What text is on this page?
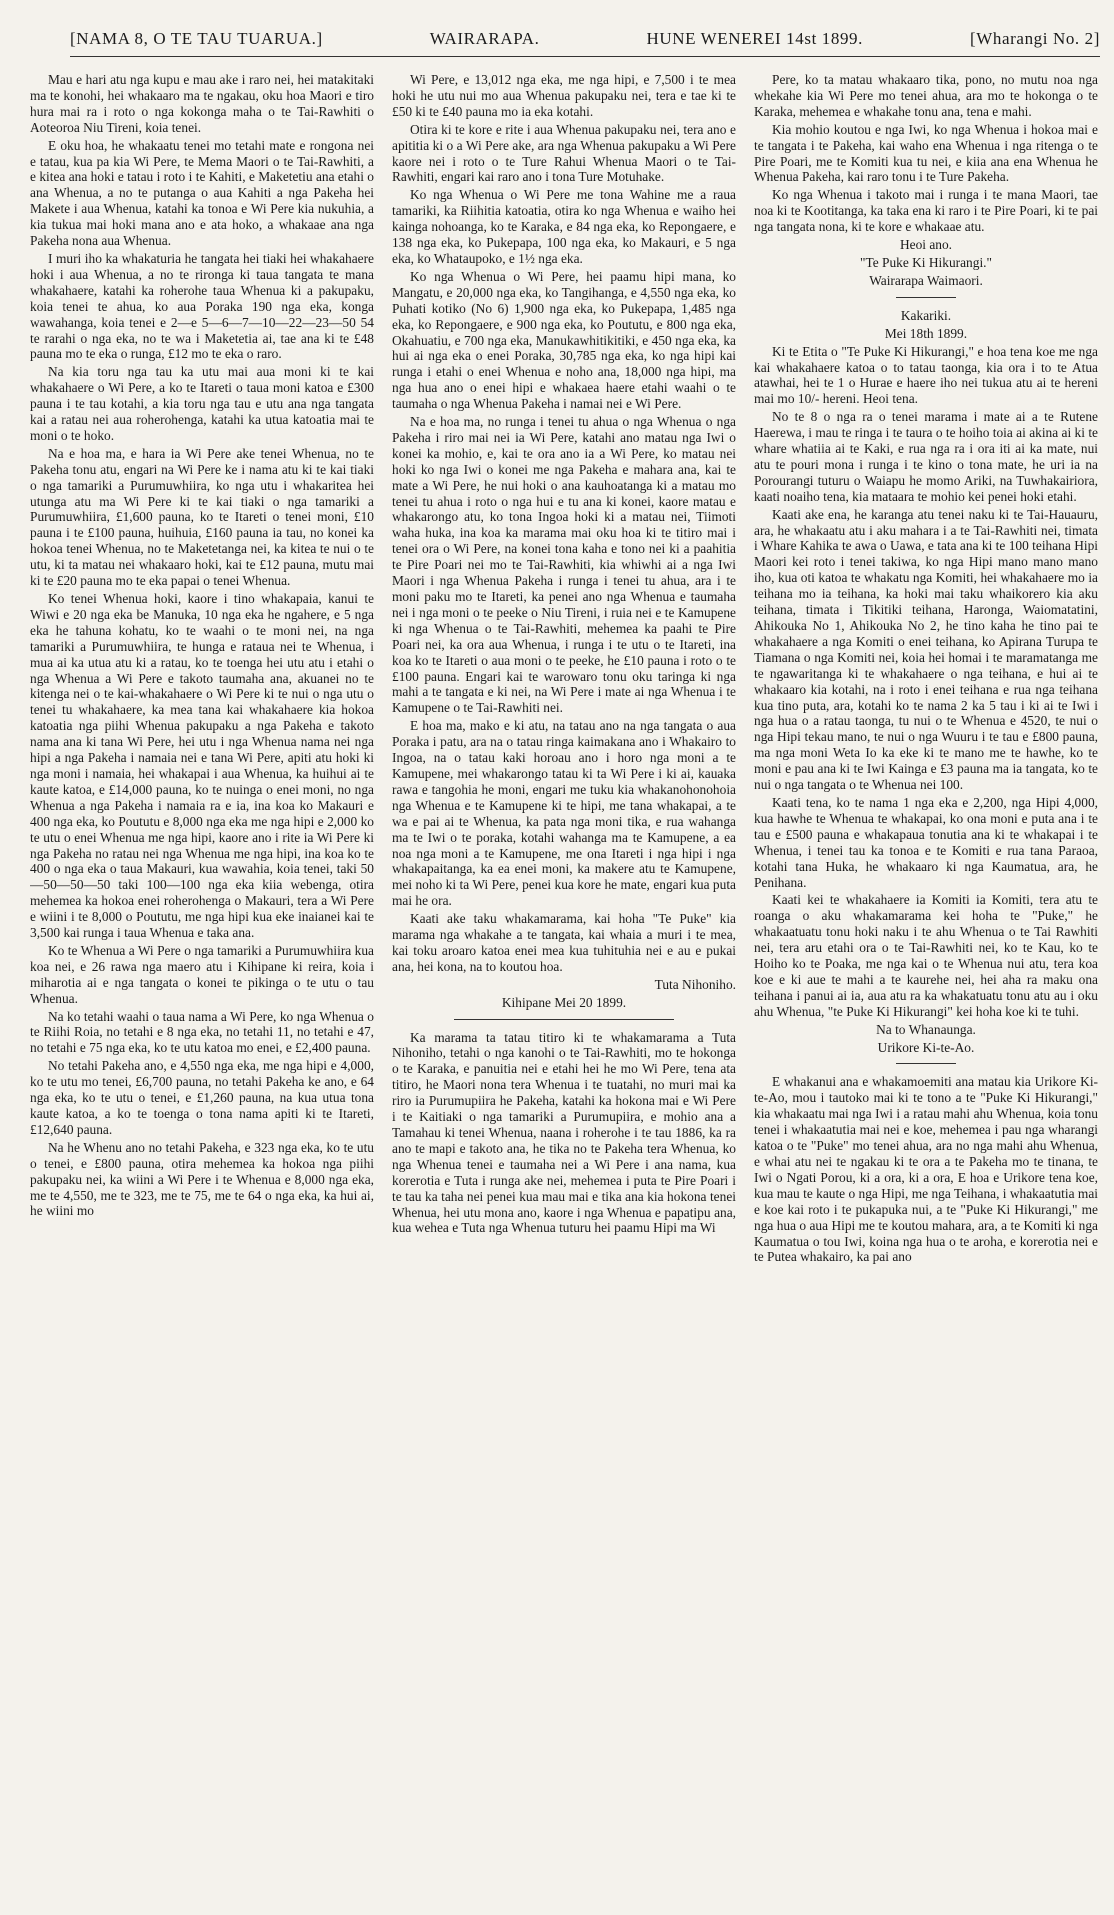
[NAMA 8, O TE TAU TUARUA.]	WAIRARAPA.	HUNE WENEREI 14st 1899.	[Wharangi No. 2]

Mau e hari atu nga kupu e mau ake i raro nei, hei matakitaki ma te konohi, hei whakaaro ma te ngakau, oku hoa Maori e tiro hura mai ra i roto o nga kokonga maha o te Tai-Rawhiti o Aoteoroa Niu Tireni, koia tenei.

E oku hoa, he whakaatu tenei mo tetahi mate e rongona nei e tatau, kua pa kia Wi Pere, te Mema Maori o te Tai-Rawhiti, a e kitea ana hoki e tatau i roto i te Kahiti, e Maketetiu ana etahi o ana Whenua, a no te putanga o aua Kahiti a nga Pakeha hei Makete i aua Whenua, katahi ka tonoa e Wi Pere kia nukuhia, a kia tukua mai hoki mana ano e ata hoko, a whakaae ana nga Pakeha nona aua Whenua.

I muri iho ka whakaturia he tangata hei tiaki hei whakahaere hoki i aua Whenua, a no te rironga ki taua tangata te mana whakahaere, katahi ka roherohe taua Whenua ki a pakupaku, koia tenei te ahua, ko aua Poraka 190 nga eka, konga wawahanga, koia tenei e 2—e 5—6—7—10—22—23—50 54 te rarahi o nga eka, no te wa i Maketetia ai, tae ana ki te £48 pauna mo te eka o runga, £12 mo te eka o raro.

Na kia toru nga tau ka utu mai aua moni ki te kai whakahaere o Wi Pere, a ko te Itareti o taua moni katoa e £300 pauna i te tau kotahi, a kia toru nga tau e utu ana nga tangata kai a ratau nei aua roherohenga, katahi ka utua katoatia mai te moni o te hoko.

Na e hoa ma, e hara ia Wi Pere ake tenei Whenua, no te Pakeha tonu atu, engari na Wi Pere ke i nama atu ki te kai tiaki o nga tamariki a Purumuwhiira, ko nga utu i whakaritea hei utunga atu ma Wi Pere ki te kai tiaki o nga tamariki a Purumuwhiira, £1,600 pauna, ko te Itareti o tenei moni, £10 pauna i te £100 pauna, huihuia, £160 pauna ia tau, no konei ka hokoa tenei Whenua, no te Maketetanga nei, ka kitea te nui o te utu, ki ta matau nei whakaaro hoki, kai te £12 pauna, mutu mai ki te £20 pauna mo te eka papai o tenei Whenua.

Ko tenei Whenua hoki, kaore i tino whakapaia, kanui te Wiwi e 20 nga eka be Manuka, 10 nga eka he ngahere, e 5 nga eka he tahuna kohatu, ko te waahi o te moni nei, na nga tamariki a Purumuwhiira, te hunga e rataua nei te Whenua, i mua ai ka utua atu ki a ratau, ko te toenga hei utu atu i etahi o nga Whenua a Wi Pere e takoto taumaha ana, akuanei no te kitenga nei o te kai-whakahaere o Wi Pere ki te nui o nga utu o tenei tu whakahaere, ka mea tana kai whakahaere kia hokoa katoatia nga piihi Whenua pakupaku a nga Pakeha e takoto nama ana ki tana Wi Pere, hei utu i nga Whenua nama nei nga hipi a nga Pakeha i namaia nei e tana Wi Pere, apiti atu hoki ki nga moni i namaia, hei whakapai i aua Whenua, ka huihui ai te kaute katoa, e £14,000 pauna, ko te nuinga o enei moni, no nga Whenua a nga Pakeha i namaia ra e ia, ina koa ko Makauri e 400 nga eka, ko Poututu e 8,000 nga eka me nga hipi e 2,000 ko te utu o enei Whenua me nga hipi, kaore ano i rite ia Wi Pere ki nga Pakeha no ratau nei nga Whenua me nga hipi, ina koa ko te 400 o nga eka o taua Makauri, kua wawahia, koia tenei, taki 50—50—50—50 taki 100—100 nga eka kiia webenga, otira mehemea ka hokoa enei roherohenga o Makauri, tera a Wi Pere e wiini i te 8,000 o Poututu, me nga hipi kua eke inaianei kai te 3,500 kai runga i taua Whenua e taka ana.

Ko te Whenua a Wi Pere o nga tamariki a Purumuwhiira kua koa nei, e 26 rawa nga maero atu i Kihipane ki reira, koia i miharotia ai e nga tangata o konei te pikinga o te utu o tau Whenua.

Na ko tetahi waahi o taua nama a Wi Pere, ko nga Whenua o te Riihi Roia, no tetahi e 8 nga eka, no tetahi 11, no tetahi e 47, no tetahi e 75 nga eka, ko te utu katoa mo enei, e £2,400 pauna.

No tetahi Pakeha ano, e 4,550 nga eka, me nga hipi e 4,000, ko te utu mo tenei, £6,700 pauna, no tetahi Pakeha ke ano, e 64 nga eka, ko te utu o tenei, e £1,260 pauna, na kua utua tona kaute katoa, a ko te toenga o tona nama apiti ki te Itareti, £12,640 pauna.

Na he Whenu ano no tetahi Pakeha, e 323 nga eka, ko te utu o tenei, e £800 pauna, otira mehemea ka hokoa nga piihi pakupaku nei, ka wiini a Wi Pere i te Whenua e 8,000 nga eka, me te 4,550, me te 323, me te 75, me te 64 o nga eka, ka hui ai, he wiini mo

Wi Pere, e 13,012 nga eka, me nga hipi, e 7,500 i te mea hoki he utu nui mo aua Whenua pakupaku nei, tera e tae ki te £50 ki te £40 pauna mo ia eka kotahi.

Otira ki te kore e rite i aua Whenua pakupaku nei, tera ano e apititia ki o a Wi Pere ake, ara nga Whenua pakupaku a Wi Pere kaore nei i roto o te Ture Rahui Whenua Maori o te Tai-Rawhiti, engari kai raro ano i tona Ture Motuhake.

Ko nga Whenua o Wi Pere me tona Wahine me a raua tamariki, ka Riihitia katoatia, otira ko nga Whenua e waiho hei kainga nohoanga, ko te Karaka, e 84 nga eka, ko Repongaere, e 138 nga eka, ko Pukepapa, 100 nga eka, ko Makauri, e 5 nga eka, ko Whataupoko, e 1½ nga eka.

Ko nga Whenua o Wi Pere, hei paamu hipi mana, ko Mangatu, e 20,000 nga eka, ko Tangihanga, e 4,550 nga eka, ko Puhati kotiko (No 6) 1,900 nga eka, ko Pukepapa, 1,485 nga eka, ko Repongaere, e 900 nga eka, ko Poututu, e 800 nga eka, Okahuatiu, e 700 nga eka, Manukawhitikitiki, e 450 nga eka, ka hui ai nga eka o enei Poraka, 30,785 nga eka, ko nga hipi kai runga i etahi o enei Whenua e noho ana, 18,000 nga hipi, ma nga hua ano o enei hipi e whakaea haere etahi waahi o te taumaha o nga Whenua Pakeha i namai nei e Wi Pere.

Na e hoa ma, no runga i tenei tu ahua o nga Whenua o nga Pakeha i riro mai nei ia Wi Pere, katahi ano matau nga Iwi o konei ka mohio, e, kai te ora ano ia a Wi Pere, ko matau nei hoki ko nga Iwi o konei me nga Pakeha e mahara ana, kai te mate a Wi Pere, he nui hoki o ana kauhoatanga ki a matau mo tenei tu ahua i roto o nga hui e tu ana ki konei, kaore matau e whakarongo atu, ko tona Ingoa hoki ki a matau nei, Tiimoti waha huka, ina koa ka marama mai oku hoa ki te titiro mai i tenei ora o Wi Pere, na konei tona kaha e tono nei ki a paahitia te Pire Poari nei mo te Tai-Rawhiti, kia whiwhi ai a nga Iwi Maori i nga Whenua Pakeha i runga i tenei tu ahua, ara i te moni paku mo te Itareti, ka penei ano nga Whenua e taumaha nei i nga moni o te peeke o Niu Tireni, i ruia nei e te Kamupene ki nga Whenua o te Tai-Rawhiti, mehemea ka paahi te Pire Poari nei, ka ora aua Whenua, i runga i te utu o te Itareti, ina koa ko te Itareti o aua moni o te peeke, he £10 pauna i roto o te £100 pauna. Engari kai te warowaro tonu oku taringa ki nga mahi a te tangata e ki nei, na Wi Pere i mate ai nga Whenua i te Kamupene o te Tai-Rawhiti nei.

E hoa ma, mako e ki atu, na tatau ano na nga tangata o aua Poraka i patu, ara na o tatau ringa kaimakana ano i Whakairo to Ingoa, na o tatau kaki horoau ano i horo nga moni a te Kamupene, mei whakarongo tatau ki ta Wi Pere i ki ai, kauaka rawa e tangohia he moni, engari me tuku kia whakanohonohoia nga Whenua e te Kamupene ki te hipi, me tana whakapai, a te wa e pai ai te Whenua, ka pata nga moni tika, e rua wahanga ma te Iwi o te poraka, kotahi wahanga ma te Kamupene, a ea noa nga moni a te Kamupene, me ona Itareti i nga hipi i nga whakapaitanga, ka ea enei moni, ka makere atu te Kamupene, mei noho ki ta Wi Pere, penei kua kore he mate, engari kua puta mai he ora.

Kaati ake taku whakamarama, kai hoha "Te Puke" kia marama nga whakahe a te tangata, kai whaia a muri i te mea, kai toku aroaro katoa enei mea kua tuhituhia nei e au e pukai ana, hei kona, na to koutou hoa.

Tuta Nihoniho.

Kihipane Mei 20 1899.

Ka marama ta tatau titiro ki te whakamarama a Tuta Nihoniho, tetahi o nga kanohi o te Tai-Rawhiti, mo te hokonga o te Karaka, e panuitia nei e etahi hei he mo Wi Pere, tena ata titiro, he Maori nona tera Whenua i te tuatahi, no muri mai ka riro ia Purumupiira he Pakeha, katahi ka hokona mai e Wi Pere i te Kaitiaki o nga tamariki a Purumupiira, e mohio ana a Tamahau ki tenei Whenua, naana i roherohe i te tau 1886, ka ra ano te mapi e takoto ana, he tika no te Pakeha tera Whenua, ko nga Whenua tenei e taumaha nei a Wi Pere i ana nama, kua korerotia e Tuta i runga ake nei, mehemea i puta te Pire Poari i te tau ka taha nei penei kua mau mai e tika ana kia hokona tenei Whenua, hei utu mona ano, kaore i nga Whenua e papatipu ana, kua wehea e Tuta nga Whenua tuturu hei paamu Hipi ma Wi

Pere, ko ta matau whakaaro tika, pono, no mutu noa nga whekahe kia Wi Pere mo tenei ahua, ara mo te hokonga o te Karaka, mehemea e whakahe tonu ana, tena e mahi.

Kia mohio koutou e nga Iwi, ko nga Whenua i hokoa mai e te tangata i te Pakeha, kai waho ena Whenua i nga ritenga o te Pire Poari, me te Komiti kua tu nei, e kiia ana ena Whenua he Whenua Pakeha, kai raro tonu i te Ture Pakeha.

Ko nga Whenua i takoto mai i runga i te mana Maori, tae noa ki te Kootitanga, ka taka ena ki raro i te Pire Poari, ki te pai nga tangata nona, ki te kore e whakaae atu.

Heoi ano.

"Te Puke Ki Hikurangi."

Wairarapa Waimaori.

Kakariki.

Mei 18th 1899.

Ki te Etita o "Te Puke Ki Hikurangi," e hoa tena koe me nga kai whakahaere katoa o to tatau taonga, kia ora i to te Atua atawhai, hei te 1 o Hurae e haere iho nei tukua atu ai te hereni mai mo 10/- hereni. Heoi tena.

No te 8 o nga ra o tenei marama i mate ai a te Rutene Haerewa, i mau te ringa i te taura o te hoiho toia ai akina ai ki te whare whatiia ai te Kaki, e rua nga ra i ora iti ai ka mate, nui atu te pouri mona i runga i te kino o tona mate, he uri ia na Porourangi tuturu o Waiapu he momo Ariki, na Tuwhakairiora, kaati noaiho tena, kia mataara te mohio kei penei hoki etahi.

Kaati ake ena, he karanga atu tenei naku ki te Tai-Hauauru, ara, he whakaatu atu i aku mahara i a te Tai-Rawhiti nei, timata i Whare Kahika te awa o Uawa, e tata ana ki te 100 teihana Hipi Maori kei roto i tenei takiwa, ko nga Hipi mano mano mano iho, kua oti katoa te whakatu nga Komiti, hei whakahaere mo ia teihana mo ia teihana, ka hoki mai taku whaikorero kia aku teihana, timata i Tikitiki teihana, Haronga, Waiomatatini, Ahikouka No 1, Ahikouka No 2, he tino kaha he tino pai te whakahaere a nga Komiti o enei teihana, ko Apirana Turupa te Tiamana o nga Komiti nei, koia hei homai i te maramatanga me te ngawaritanga ki te whakahaere o nga teihana, e hui ai te whakaaro kia kotahi, na i roto i enei teihana e rua nga teihana kua tino puta, ara, kotahi ko te nama 2 ka 5 tau i ki ai te Iwi i nga hua o a ratau taonga, tu nui o te Whenua e 4520, te nui o nga Hipi tekau mano, te nui o nga Wuuru i te tau e £800 pauna, ma nga moni Weta Io ka eke ki te mano me te hawhe, ko te moni e pau ana ki te Iwi Kainga e £3 pauna ma ia tangata, ko te nui o nga tangata o te Whenua nei 100.

Kaati tena, ko te nama 1 nga eka e 2,200, nga Hipi 4,000, kua hawhe te Whenua te whakapai, ko ona moni e puta ana i te tau e £500 pauna e whakapaua tonutia ana ki te whakapai i te Whenua, i tenei tau ka tonoa e te Komiti e rua tana Paraoa, kotahi tana Huka, he whakaaro ki nga Kaumatua, ara, he Penihana.

Kaati kei te whakahaere ia Komiti ia Komiti, tera atu te roanga o aku whakamarama kei hoha te "Puke," he whakaatuatu tonu hoki naku i te ahu Whenua o te Tai Rawhiti nei, tera aru etahi ora o te Tai-Rawhiti nei, ko te Kau, ko te Hoiho ko te Poaka, me nga kai o te Whenua nui atu, tera koa koe e ki aue te mahi a te kaurehe nei, hei aha ra maku ona teihana i panui ai ia, aua atu ra ka whakatuatu tonu atu au i oku ahu Whenua, "te Puke Ki Hikurangi" kei hoha koe ki te tuhi.

Na to Whanaunga.

Urikore Ki-te-Ao.

E whakanui ana e whakamoemiti ana matau kia Urikore Ki-te-Ao, mou i tautoko mai ki te tono a te "Puke Ki Hikurangi," kia whakaatu mai nga Iwi i a ratau mahi ahu Whenua, koia tonu tenei i whakaatutia mai nei e koe, mehemea i pau nga wharangi katoa o te "Puke" mo tenei ahua, ara no nga mahi ahu Whenua, e whai atu nei te ngakau ki te ora a te Pakeha mo te tinana, te Iwi o Ngati Porou, ki a ora, ki a ora, E hoa e Urikore tena koe, kua mau te kaute o nga Hipi, me nga Teihana, i whakaatutia mai e koe kai roto i te pukapuka nui, a te "Puke Ki Hikurangi," me nga hua o aua Hipi me te koutou mahara, ara, a te Komiti ki nga Kaumatua o tou Iwi, koina nga hua o te aroha, e korerotia nei e te Putea whakairo, ka pai ano
